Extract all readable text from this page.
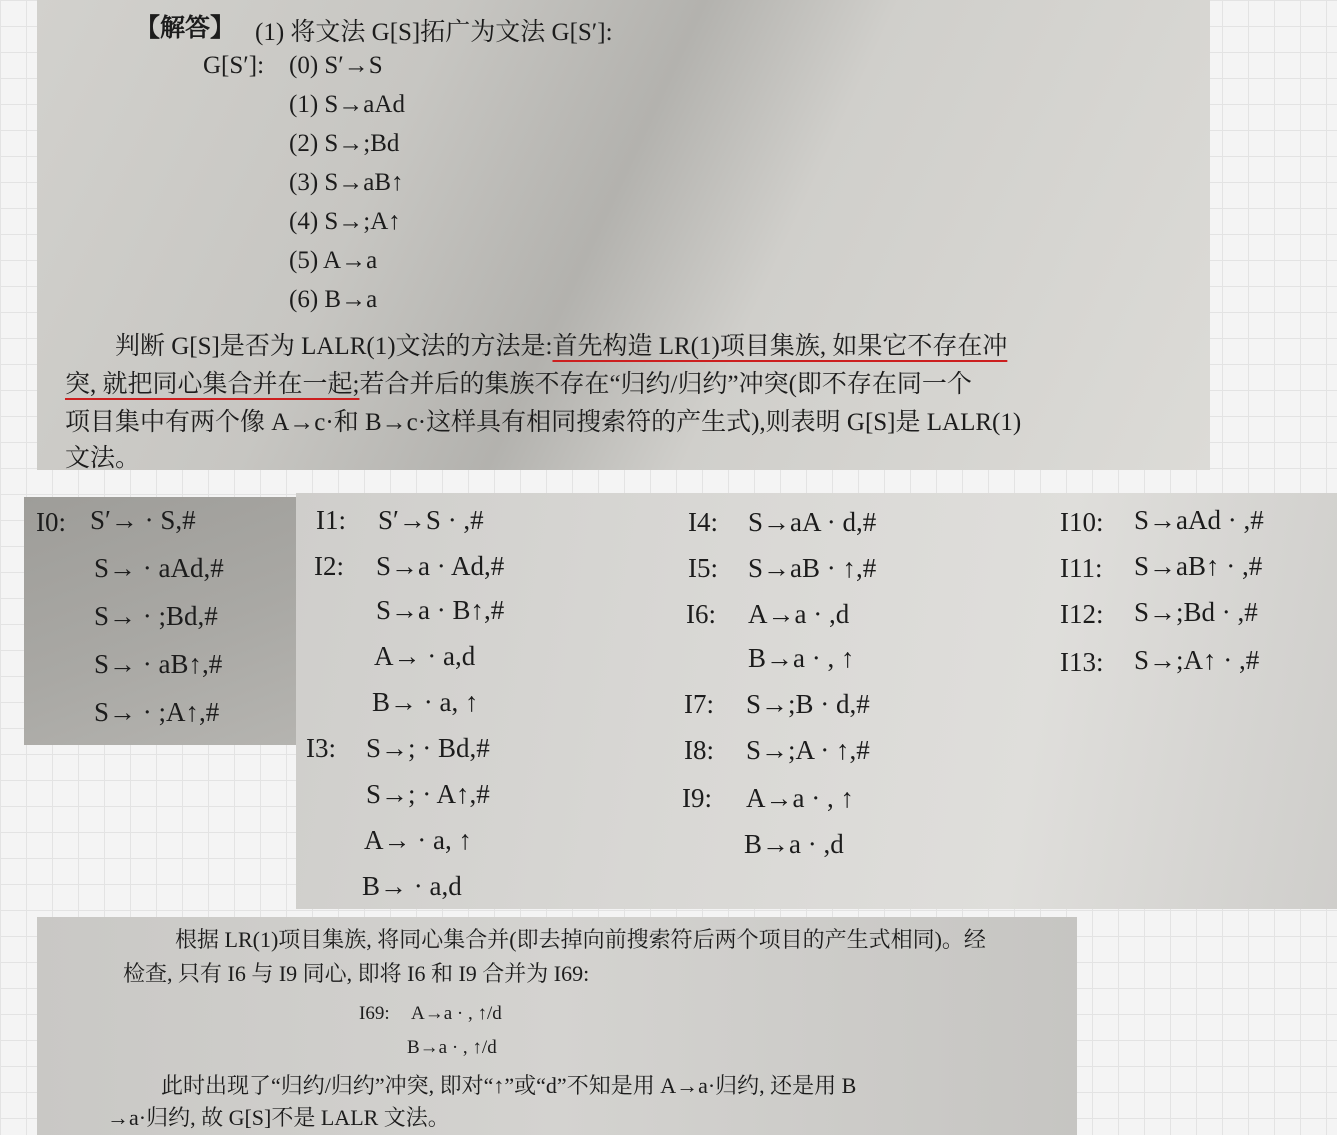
【解答】 (1) 将文法 G[S]拓广为文法 G[S′]:
G[S′]: (0) S′→S
(1) S→aAd
(2) S→;Bd
(3) S→aB↑
(4) S→;A↑
(5) A→a
(6) B→a
判断 G[S]是否为 LALR(1)文法的方法是:首先构造 LR(1)项目集族, 如果它不存在冲
突, 就把同心集合并在一起;若合并后的集族不存在“归约/归约”冲突(即不存在同一个
项目集中有两个像 A→c·和 B→c·这样具有相同搜索符的产生式),则表明 G[S]是 LALR(1)
文法。
I0: S′→ · S,#
S→ · aAd,#
S→ · ;Bd,#
S→ · aB↑,#
S→ · ;A↑,#
I1: S′→S · ,#
I2: S→a · Ad,#
S→a · B↑,#
A→ · a,d
B→ · a, ↑
I3: S→; · Bd,#
S→; · A↑,#
A→ · a, ↑
B→ · a,d
I4: S→aA · d,#
I5: S→aB · ↑,#
I6: A→a · ,d
B→a · , ↑
I7: S→;B · d,#
I8: S→;A · ↑,#
I9: A→a · , ↑
B→a · ,d
I10: S→aAd · ,#
I11: S→aB↑ · ,#
I12: S→;Bd · ,#
I13: S→;A↑ · ,#
根据 LR(1)项目集族, 将同心集合并(即去掉向前搜索符后两个项目的产生式相同)。经
检查, 只有 I6 与 I9 同心, 即将 I6 和 I9 合并为 I69:
I69: A→a · , ↑/d
B→a · , ↑/d
此时出现了“归约/归约”冲突, 即对“↑”或“d”不知是用 A→a·归约, 还是用 B
→a·归约, 故 G[S]不是 LALR 文法。
